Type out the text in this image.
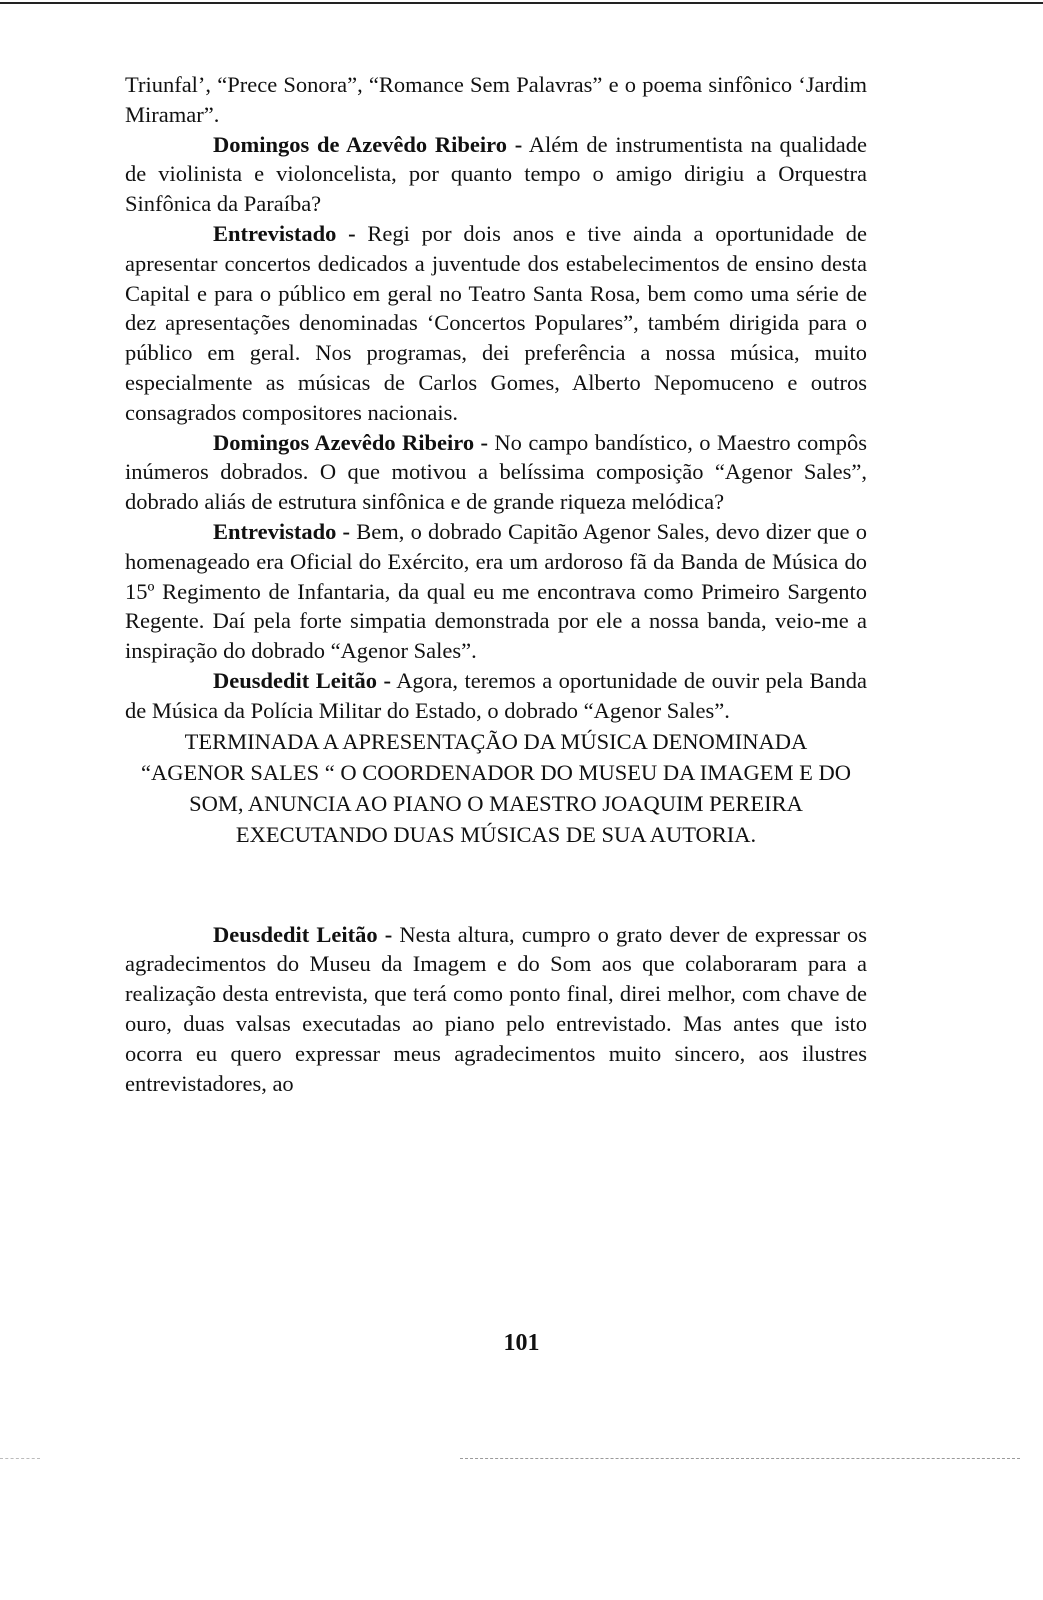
Triunfal’, “Prece Sonora”, “Romance Sem Palavras” e o poema sinfônico ‘Jardim Miramar”.

Domingos de Azevêdo Ribeiro - Além de instrumentista na qualidade de violinista e violoncelista, por quanto tempo o amigo dirigiu a Orquestra Sinfônica da Paraíba?

Entrevistado - Regi por dois anos e tive ainda a oportunidade de apresentar concertos dedicados a juventude dos estabelecimentos de ensino desta Capital e para o público em geral no Teatro Santa Rosa, bem como uma série de dez apresentações denominadas ‘Concertos Populares”, também dirigida para o público em geral. Nos programas, dei preferência a nossa música, muito especialmente as músicas de Carlos Gomes, Alberto Nepomuceno e outros consagrados compositores nacionais.

Domingos Azevêdo Ribeiro - No campo bandístico, o Maestro compôs inúmeros dobrados. O que motivou a belíssima composição “Agenor Sales”, dobrado aliás de estrutura sinfônica e de grande riqueza melódica?

Entrevistado - Bem, o dobrado Capitão Agenor Sales, devo dizer que o homenageado era Oficial do Exército, era um ardoroso fã da Banda de Música do 15º Regimento de Infantaria, da qual eu me encontrava como Primeiro Sargento Regente. Daí pela forte simpatia demonstrada por ele a nossa banda, veio-me a inspiração do dobrado “Agenor Sales”.

Deusdedit Leitão - Agora, teremos a oportunidade de ouvir pela Banda de Música da Polícia Militar do Estado, o dobrado “Agenor Sales”.

TERMINADA A APRESENTAÇÃO DA MÚSICA DENOMINADA “AGENOR SALES “ O COORDENADOR DO MUSEU DA IMAGEM E DO SOM, ANUNCIA AO PIANO O MAESTRO JOAQUIM PEREIRA EXECUTANDO DUAS MÚSICAS DE SUA AUTORIA.

Deusdedit Leitão - Nesta altura, cumpro o grato dever de expressar os agradecimentos do Museu da Imagem e do Som aos que colaboraram para a realização desta entrevista, que terá como ponto final, direi melhor, com chave de ouro, duas valsas executadas ao piano pelo entrevistado. Mas antes que isto ocorra eu quero expressar meus agradecimentos muito sincero, aos ilustres entrevistadores, ao

101
